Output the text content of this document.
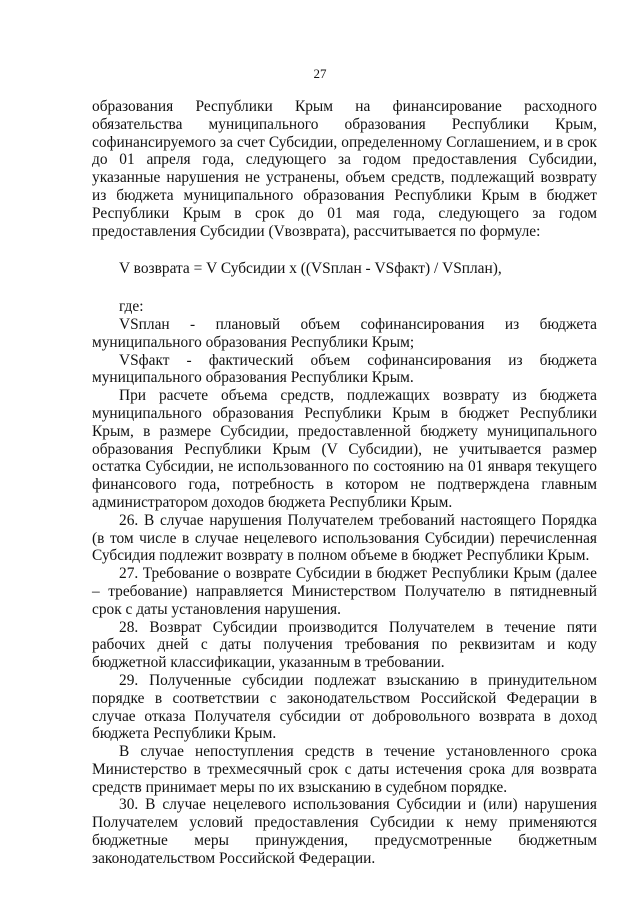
27

образования Республики Крым на финансирование расходного обязательства муниципального образования Республики Крым, софинансируемого за счет Субсидии, определенному Соглашением, и в срок до 01 апреля года, следующего за годом предоставления Субсидии, указанные нарушения не устранены, объем средств, подлежащий возврату из бюджета муниципального образования Республики Крым в бюджет Республики Крым в срок до 01 мая года, следующего за годом предоставления Субсидии (Vвозврата), рассчитывается по формуле:

V возврата = V Субсидии х ((VSплан - VSфакт) / VSплан),

где:

VSплан - плановый объем софинансирования из бюджета муниципального образования Республики Крым;

VSфакт - фактический объем софинансирования из бюджета муниципального образования Республики Крым.

При расчете объема средств, подлежащих возврату из бюджета муниципального образования Республики Крым в бюджет Республики Крым, в размере Субсидии, предоставленной бюджету муниципального образования Республики Крым (V Субсидии), не учитывается размер остатка Субсидии, не использованного по состоянию на 01 января текущего финансового года, потребность в котором не подтверждена главным администратором доходов бюджета Республики Крым.

26. В случае нарушения Получателем требований настоящего Порядка (в том числе в случае нецелевого использования Субсидии) перечисленная Субсидия подлежит возврату в полном объеме в бюджет Республики Крым.

27. Требование о возврате Субсидии в бюджет Республики Крым (далее – требование) направляется Министерством Получателю в пятидневный срок с даты установления нарушения.

28. Возврат Субсидии производится Получателем в течение пяти рабочих дней с даты получения требования по реквизитам и коду бюджетной классификации, указанным в требовании.

29. Полученные субсидии подлежат взысканию в принудительном порядке в соответствии с законодательством Российской Федерации в случае отказа Получателя субсидии от добровольного возврата в доход бюджета Республики Крым.

В случае непоступления средств в течение установленного срока Министерство в трехмесячный срок с даты истечения срока для возврата средств принимает меры по их взысканию в судебном порядке.

30. В случае нецелевого использования Субсидии и (или) нарушения Получателем условий предоставления Субсидии к нему применяются бюджетные меры принуждения, предусмотренные бюджетным законодательством Российской Федерации.
